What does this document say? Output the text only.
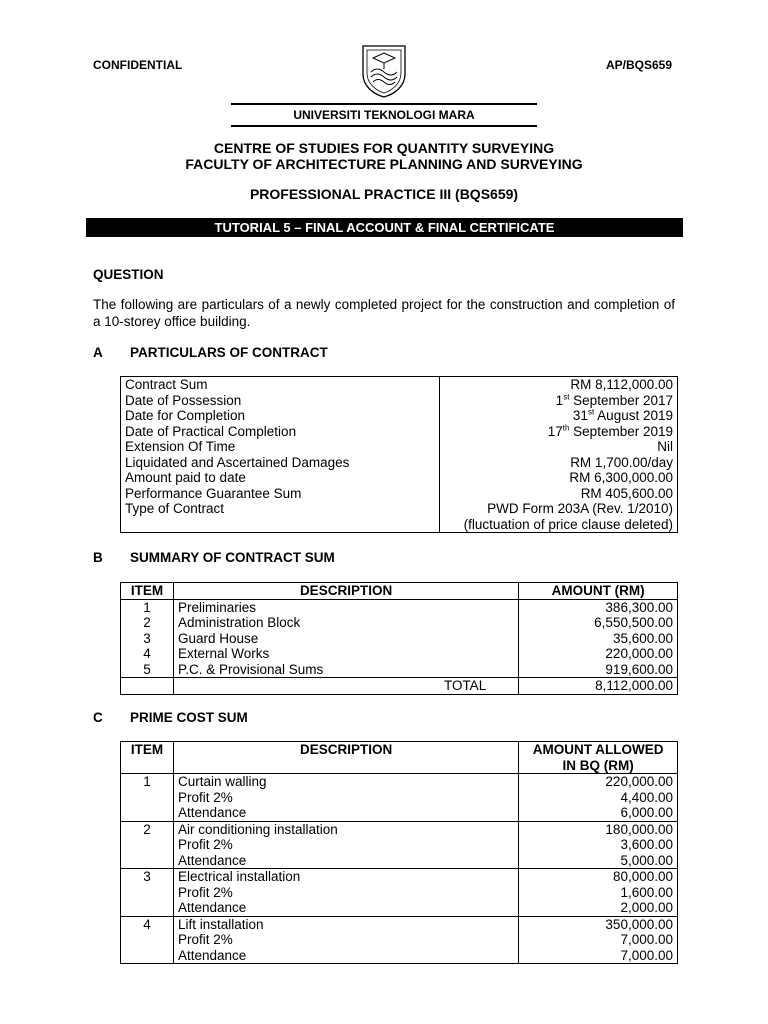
CONFIDENTIAL	AP/BQS659
UNIVERSITI TEKNOLOGI MARA
CENTRE OF STUDIES FOR QUANTITY SURVEYING
FACULTY OF ARCHITECTURE PLANNING AND SURVEYING
PROFESSIONAL PRACTICE III (BQS659)
TUTORIAL 5 – FINAL ACCOUNT & FINAL CERTIFICATE
QUESTION
The following are particulars of a newly completed project for the construction and completion of a 10-storey office building.
A PARTICULARS OF CONTRACT
Contract Sum	RM 8,112,000.00
Date of Possession	1st September 2017
Date for Completion	31st August 2019
Date of Practical Completion	17th September 2019
Extension Of Time	Nil
Liquidated and Ascertained Damages	RM 1,700.00/day
Amount paid to date	RM 6,300,000.00
Performance Guarantee Sum	RM 405,600.00
Type of Contract	PWD Form 203A (Rev. 1/2010)
(fluctuation of price clause deleted)
B SUMMARY OF CONTRACT SUM
ITEM	DESCRIPTION	AMOUNT (RM)
1	Preliminaries	386,300.00
2	Administration Block	6,550,500.00
3	Guard House	35,600.00
4	External Works	220,000.00
5	P.C. & Provisional Sums	919,600.00
	TOTAL	8,112,000.00
C PRIME COST SUM
ITEM	DESCRIPTION	AMOUNT ALLOWED
IN BQ (RM)

1	Curtain walling	220,000.00
	Profit 2%	4,400.00
	Attendance	6,000.00
2	Air conditioning installation	180,000.00
	Profit 2%	3,600.00
	Attendance	5,000.00
3	Electrical installation	80,000.00
	Profit 2%	1,600.00
	Attendance	2,000.00
4	Lift installation	350,000.00
	Profit 2%	7,000.00
	Attendance	7,000.00
